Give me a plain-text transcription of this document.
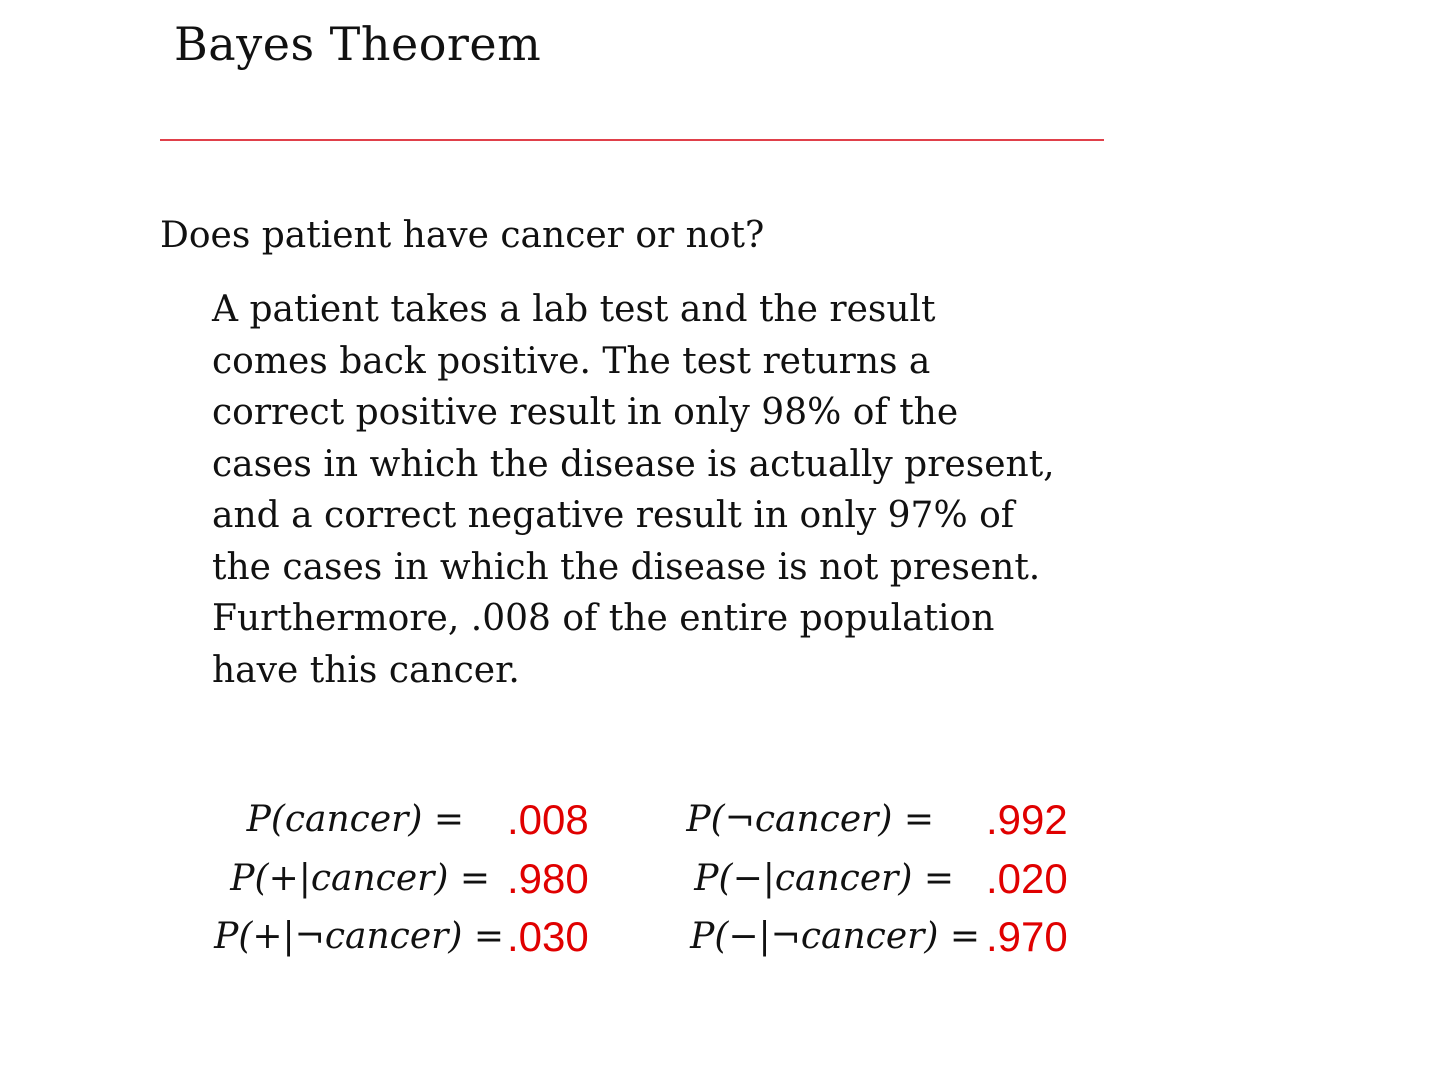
Bayes Theorem
Does patient have cancer or not?
A patient takes a lab test and the result
comes back positive. The test returns a
correct positive result in only 98% of the
cases in which the disease is actually present,
and a correct negative result in only 97% of
the cases in which the disease is not present.
Furthermore, .008 of the entire population
have this cancer.
P(cancer) = .008
P(+|cancer) = .980
P(+|¬cancer) = .030
P(¬cancer) = .992
P(−|cancer) = .020
P(−|¬cancer) = .970
